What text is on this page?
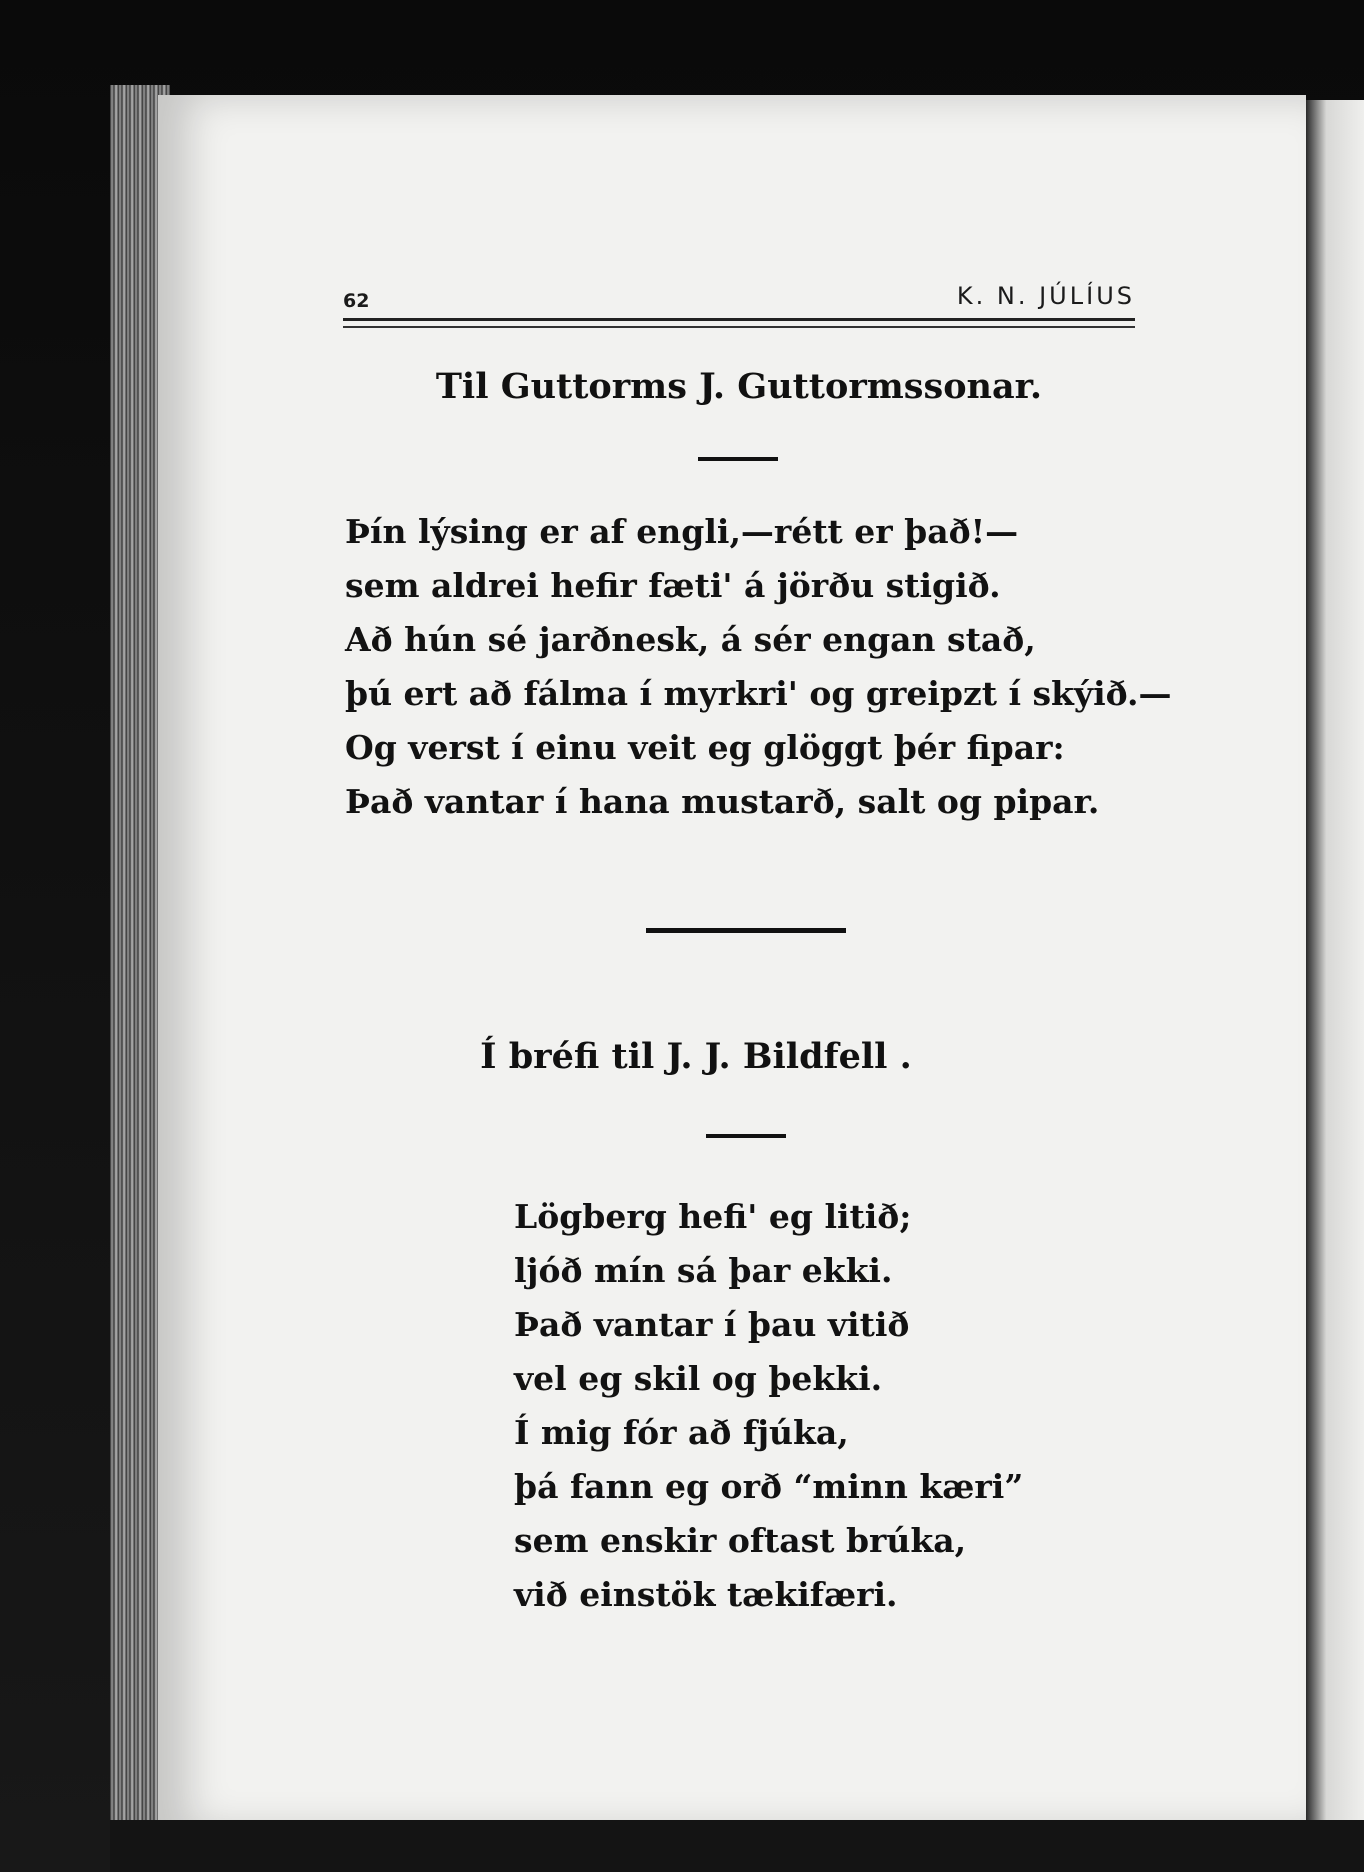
62	K. N. JÚLÍUS
Til Guttorms J. Guttormssonar.
Þín lýsing er af engli,—rétt er það!—
sem aldrei hefir fæti' á jörðu stigið.
Að hún sé jarðnesk, á sér engan stað,
þú ert að fálma í myrkri' og greipzt í skýið.—
Og verst í einu veit eg glöggt þér fipar:
Það vantar í hana mustarð, salt og pipar.
Í bréfi til J. J. Bildfell .
Lögberg hefi' eg litið;
ljóð mín sá þar ekki.
Það vantar í þau vitið
vel eg skil og þekki.
Í mig fór að fjúka,
þá fann eg orð “minn kæri”
sem enskir oftast brúka,
við einstök tækifæri.
